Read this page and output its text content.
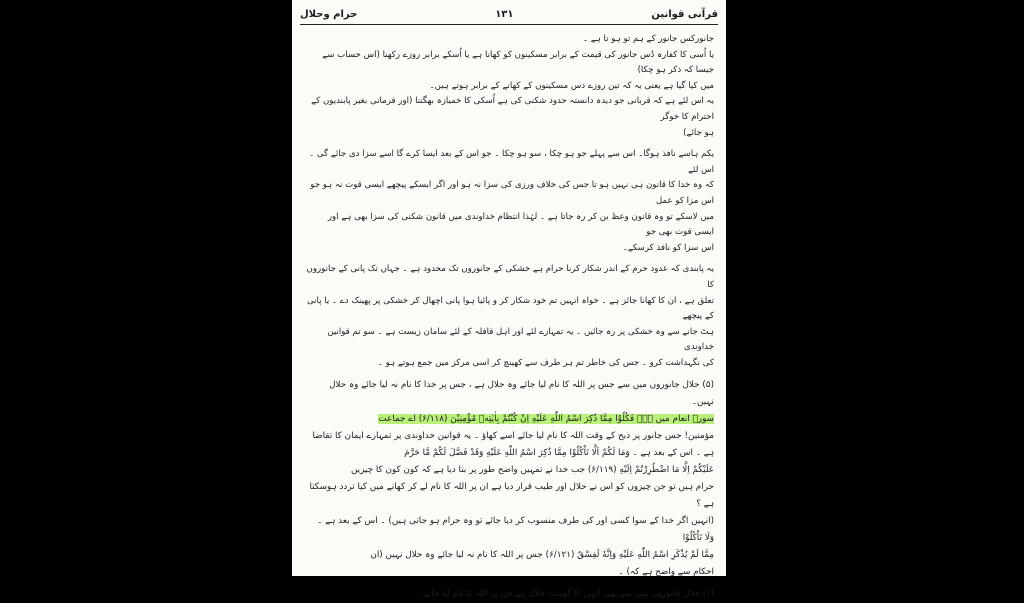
قرآنی قوانین
۱۳۱
حرام وحلال

جانورکس جانور کے ہم تو ہو تا ہے ۔
یا اُسی کا کفارہ دُس جانور کی قیمت کے برابر مسکینوں کو کھانا ہے یا اُسکے برابر روزے رکھنا (اس حساب سے جیسا کہ ذکر ہو چکا)
میں کیا گیا ہے یعنی یہ کہ تین روزے دس مسکینوں کے کھانے کے برابر ہوتے ہیں۔
یہ اس لئے ہے کہ قربانی جو دیدہ دانستہ حدود شکنی کی ہے اُسکی کا خمیازہ بھگتنا (اور قرمانی بغیر پابندیوں کے احترام کا خوگر
ہو جائے)

یکم ہاسے نافذ ہوگا۔ اس سے پہلے جو ہو چکا ، سو ہو چکا ۔ جو اس کے بعد ایسا کرے گا اسے سزا دی جائے گی ۔ اس لئے
کہ وہ خدا کا قانون ہی نہیں ہو تا جس کی خلاف ورزی کی سزا نہ ہو اور اگر ایسکے پیچھے ایسی قوت نہ ہو جو اس مزا کو عمل
میں لاسکے تو وہ قانون وعظ بن کر رہ جاتا ہے ۔ لہٰذا انتظام خداوندی میں قانون شکنی کی سزا بھی ہے اور ایسی قوت بھی جو
اس سزا کو نافذ کرسکے۔

یہ پابندی کہ عدود حرم کے اندر شکار کرنا حرام ہے خشکی کے جانوروں تک محدود ہے ۔ جہاں تک پانی کے جانوروں کا
تعلق ہے ، ان کا کھانا جائز ہے ۔ خواہ انہیں تم خود شکار کر و پائیا ہوا پانی اچھال کر خشکی پر پھینک دے ۔ یا پانی کے پیچھے
ہٹ جانے سے وہ خشکی پر رہ جائیں ۔ یہ تمہارے لئے اور اہل قافلہ کے لئے سامان زیست ہے ۔ سو تم قوانین خداوندی
کی نگہداشت کرو ۔ جس کی خاطر تم ہر طرف سے کھینچ کر اسی مرکز میں جمع ہوتے ہو ۔

(۵) حلال جانوروں میں سے جس پر اللہ کا نام لیا جائے وہ حلال ہے ، جس پر خدا کا نام نہ لیا جائے وہ حلال نہیں۔
سورۃ انعام میں ہے۔ فَكُلُوْا مِمَّا ذُكِرَ اسْمُ اللّٰهِ عَلَيْهِ اِنْ كُنْتُمْ بِاٰيٰتِهٖ مُؤْمِنِيْنَ (۶/۱۱۸) اے جماعت
مؤمنین! جس جانور پر ذبح کے وقت اللہ کا نام لیا جائے اسے کھاؤ ۔ یہ قوانین خداوندی پر تمہارے ایمان کا تقاضا
ہے ۔ اس کے بعد ہے ۔ وَمَا لَكُمْ اَلَّا تَاْكُلُوْا مِمَّا ذُكِرَ اسْمُ اللّٰهِ عَلَيْهِ وَقَدْ فَصَّلَ لَكُمْ مَّا حَرَّمَ
عَلَيْكُمْ اِلَّا مَا اضْطُرِرْتُمْ اِلَيْهِ (۶/۱۱۹) جب خدا نے تمہیں واضح طور پر بتا دیا ہے کہ کون کون کا چیزیں
حرام ہیں تو جن چیزوں کو اس نے حلال اور طیب قرار دیا ہے ان پر اللہ کا نام لے کر کھانے میں کیا تردد ہوسکتا ہے ؟
(انہیں اگر خدا کے سوا کسی اور کی طرف منسوب کر دیا جائے تو وہ حرام ہو جاتی ہیں) ۔ اس کے بعد ہے ۔ وَلَا تَاْكُلُوْا
مِمَّا لَمْ يُذْكَرِ اسْمُ اللّٰهِ عَلَيْهِ وَاِنَّهٗ لَفِسْقٌ (۶/۱۲۱) جس پر اللہ کا نام نہ لیا جائے وہ حلال نہیں (ان
احکام سے واضح ہے کہ) ۔

(۱) حلال جانوروں میں سے بھی انہی کا گوشت حلال ہے جن پر اللہ کا نام لیا جائے ۔
